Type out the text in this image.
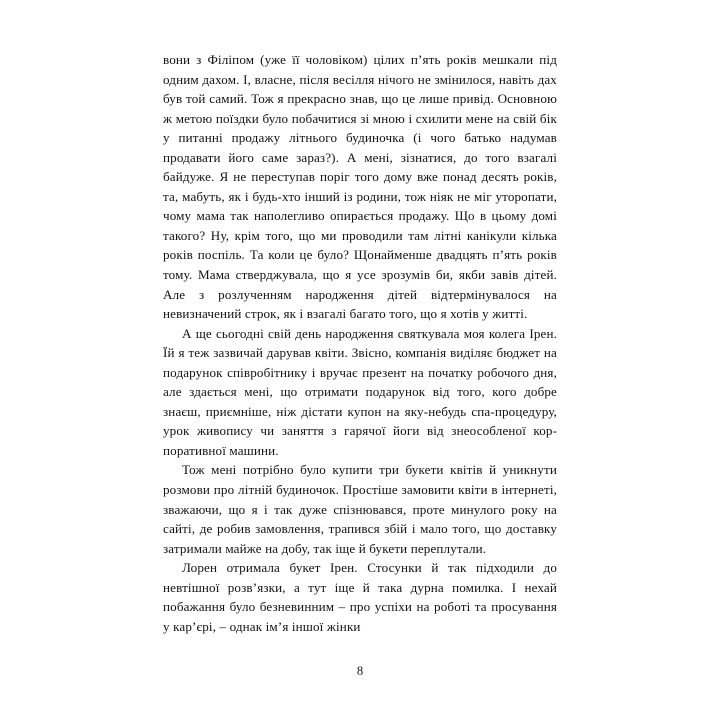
вони з Філіпом (уже її чоловіком) цілих п’ять років мешкали під одним дахом. І, власне, після весілля нічого не змінилося, навіть дах був той самий. Тож я прекрасно знав, що це лише привід. Основною ж метою поїздки було побачитися зі мною і схилити мене на свій бік у питанні продажу літнього будиночка (і чого батько надумав продавати його саме зараз?). А мені, зізнатися, до того взагалі байдуже. Я не переступав поріг того дому вже понад десять років, та, мабуть, як і будь-хто інший із родини, тож ніяк не міг уторопати, чому мама так наполегливо опирається продажу. Що в цьому домі такого? Ну, крім того, що ми проводили там літні канікули кілька років поспіль. Та коли це було? Щонайменше двадцять п’ять років тому. Мама стверджувала, що я усе зрозумів би, якби завів дітей. Але з розлученням народження дітей відтермінувалося на невизначений строк, як і взагалі багато того, що я хотів у житті.

А ще сьогодні свій день народження святкувала моя колега Ірен. Їй я теж зазвичай дарував квіти. Звісно, компанія виділяє бюджет на подарунок співробітнику і вручає презент на початку робочого дня, але здається мені, що отримати подарунок від того, кого добре знаєш, приємніше, ніж дістати купон на яку-небудь спа-процедуру, урок живопису чи заняття з гарячої йоги від знеособленої корпоративної машини.

Тож мені потрібно було купити три букети квітів й уникнути розмови про літній будиночок. Простіше замовити квіти в інтернеті, зважаючи, що я і так дуже спізнювався, проте минулого року на сайті, де робив замовлення, трапився збій і мало того, що доставку затримали майже на добу, так іще й букети переплутали.

Лорен отримала букет Ірен. Стосунки й так підходили до невтішної розв’язки, а тут іще й така дурна помилка. І нехай побажання було безневинним – про успіхи на роботі та просування у кар’єрі, – однак ім’я іншої жінки

8
